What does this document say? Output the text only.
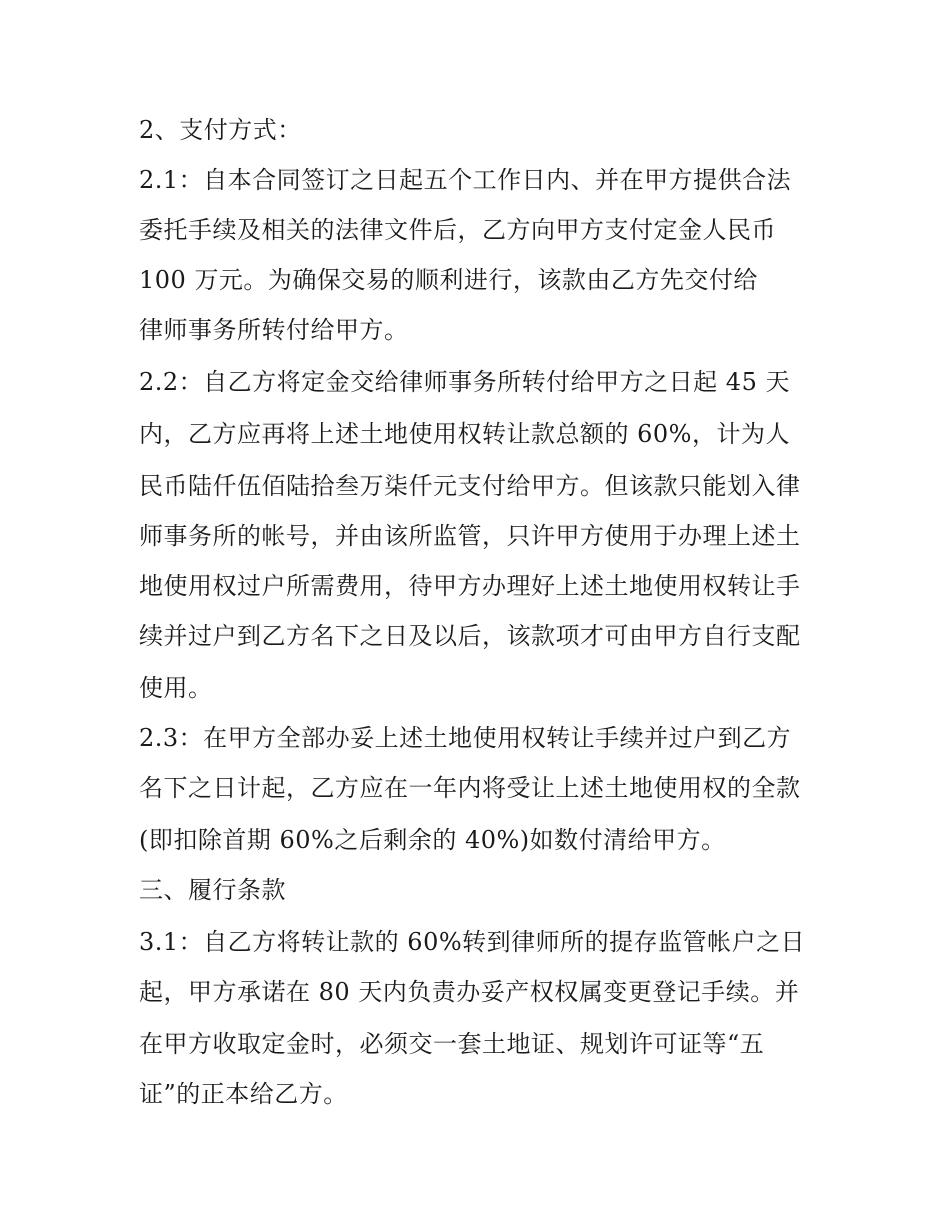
2、支付方式：

2.1：自本合同签订之日起五个工作日内、并在甲方提供合法

委托手续及相关的法律文件后，乙方向甲方支付定金人民币

100 万元。为确保交易的顺利进行，该款由乙方先交付给

律师事务所转付给甲方。

2.2：自乙方将定金交给律师事务所转付给甲方之日起 45 天

内，乙方应再将上述土地使用权转让款总额的 60%，计为人

民币陆仟伍佰陆拾叁万柒仟元支付给甲方。但该款只能划入律

师事务所的帐号，并由该所监管，只许甲方使用于办理上述土

地使用权过户所需费用，待甲方办理好上述土地使用权转让手

续并过户到乙方名下之日及以后，该款项才可由甲方自行支配

使用。

2.3：在甲方全部办妥上述土地使用权转让手续并过户到乙方

名下之日计起，乙方应在一年内将受让上述土地使用权的全款

(即扣除首期 60%之后剩余的 40%)如数付清给甲方。

三、履行条款

3.1：自乙方将转让款的 60%转到律师所的提存监管帐户之日

起，甲方承诺在 80 天内负责办妥产权权属变更登记手续。并

在甲方收取定金时，必须交一套土地证、规划许可证等“五

证”的正本给乙方。
